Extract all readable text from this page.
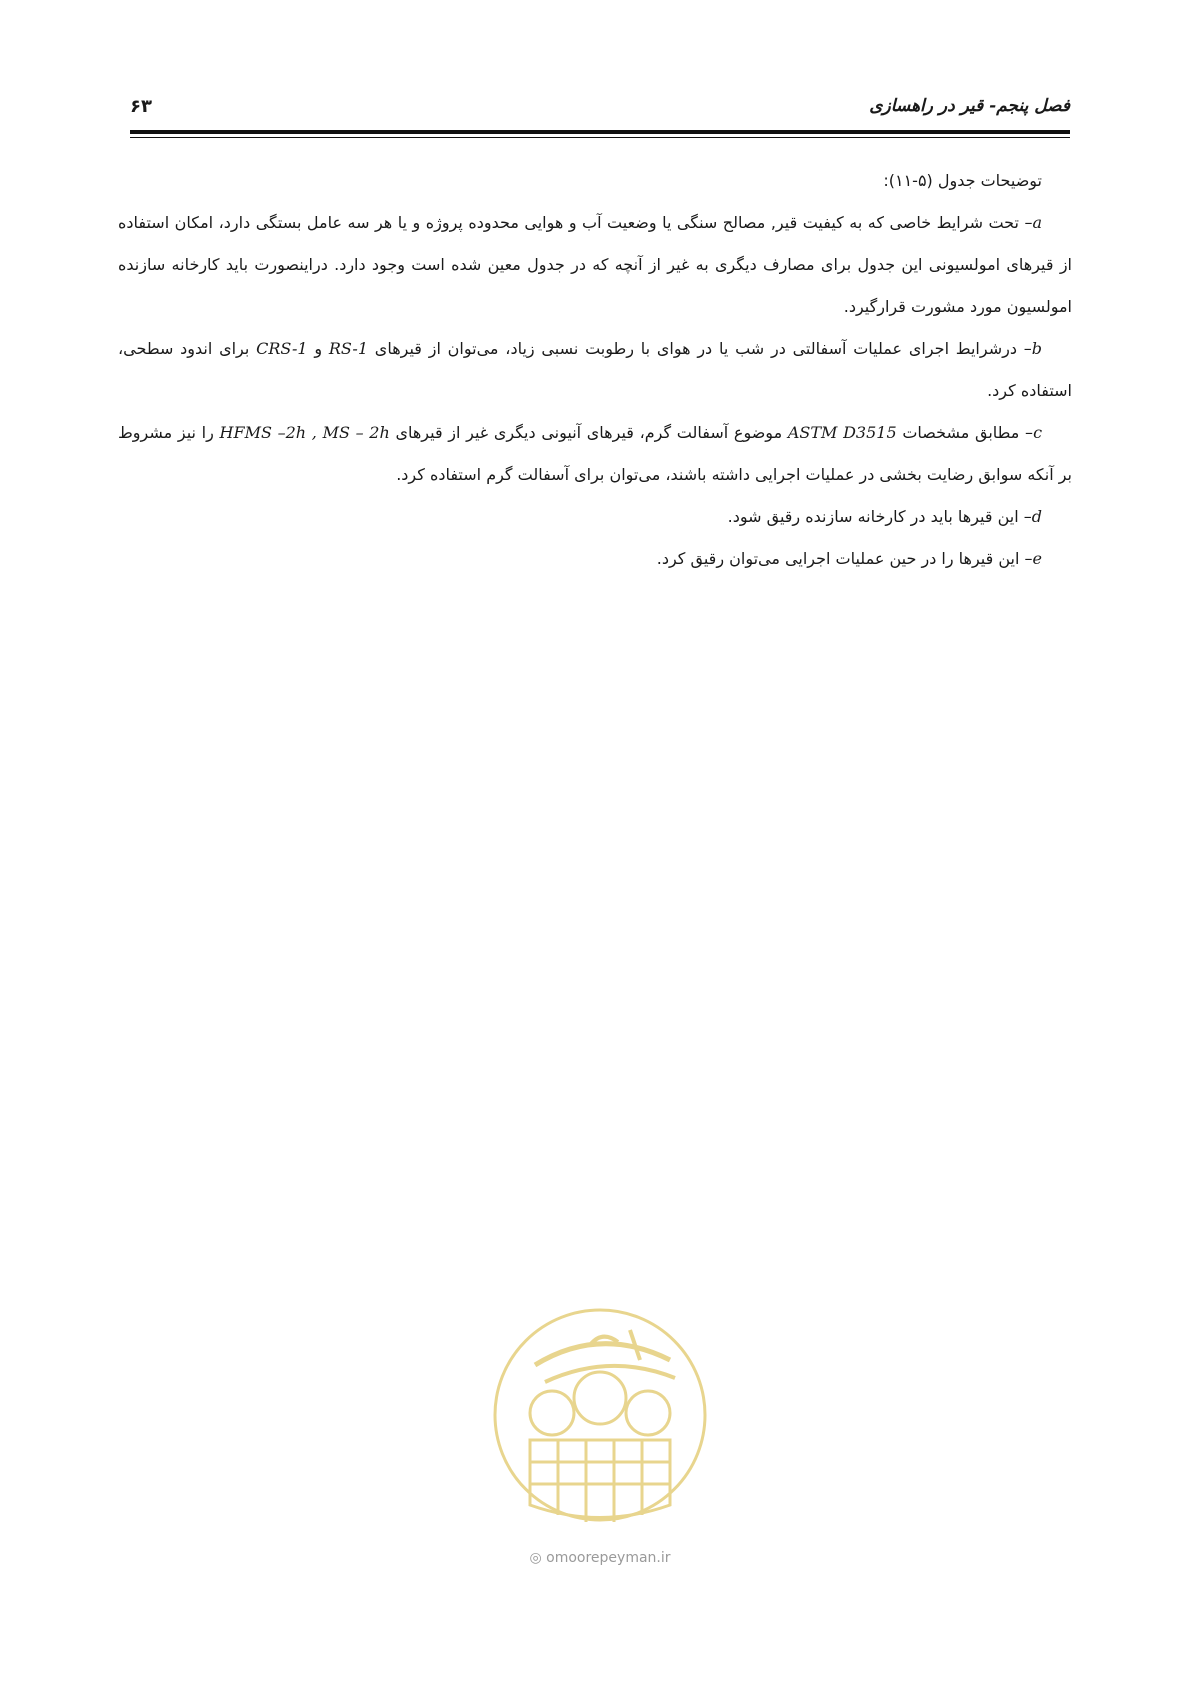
۶۳	فصل پنجم- قیر در راهسازی

توضیحات جدول (۵-۱۱):

a– تحت شرایط خاصی که به کیفیت قیر, مصالح سنگی یا وضعیت آب و هوایی محدوده پروژه و یا هر سه عامل بستگی دارد، امکان استفاده از قیرهای امولسیونی این جدول برای مصارف دیگری به غیر از آنچه که در جدول معین شده است وجود دارد. دراینصورت باید کارخانه سازنده امولسیون مورد مشورت قرارگیرد.

b– درشرایط اجرای عملیات آسفالتی در شب یا در هوای با رطوبت نسبی زیاد، می‌توان از قیرهای RS-1 و CRS-1 برای اندود سطحی، استفاده کرد.

c– مطابق مشخصات ASTM D3515 موضوع آسفالت گرم، قیرهای آنیونی دیگری غیر از قیرهای HFMS –2h , MS – 2h را نیز مشروط بر آنکه سوابق رضایت بخشی در عملیات اجرایی داشته باشند، می‌توان برای آسفالت گرم استفاده کرد.

d– این قیرها باید در کارخانه سازنده رقیق شود.

e– این قیرها را در حین عملیات اجرایی می‌توان رقیق کرد.

◎ omoorepeyman.ir
